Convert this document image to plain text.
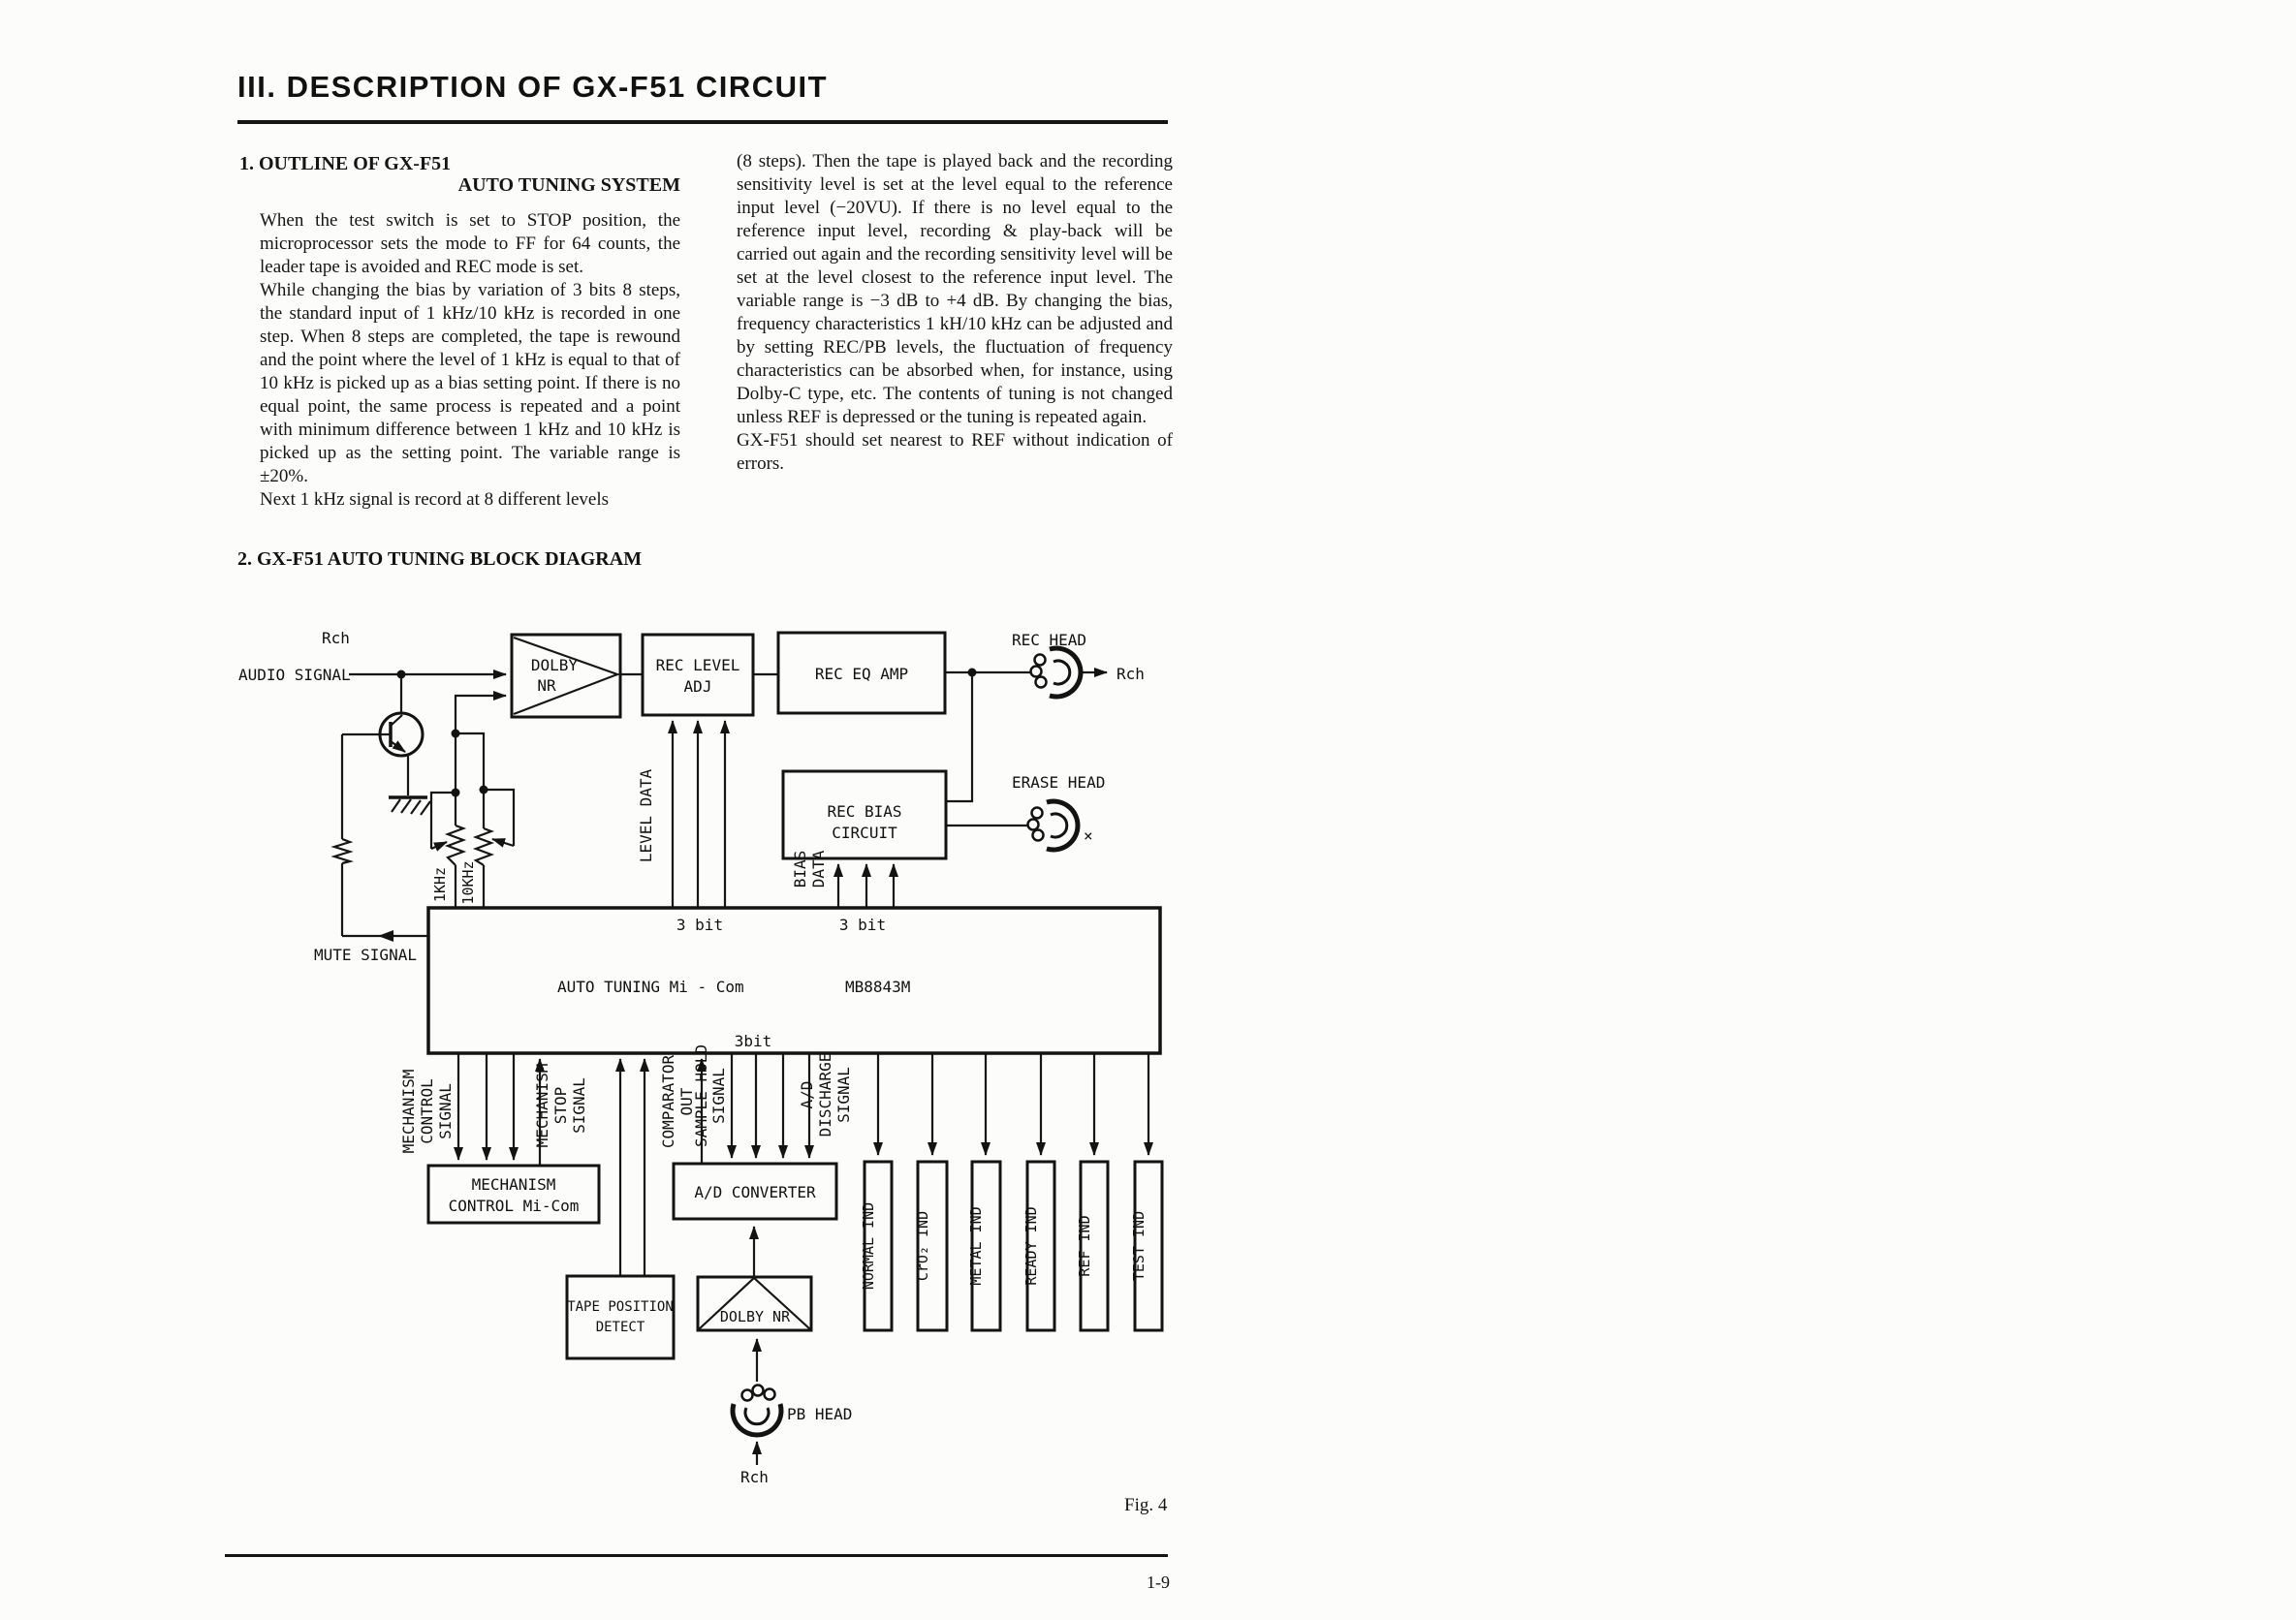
III. DESCRIPTION OF GX-F51 CIRCUIT
1. OUTLINE OF GX-F51
AUTO TUNING SYSTEM

When the test switch is set to STOP position, the microprocessor sets the mode to FF for 64 counts, the leader tape is avoided and REC mode is set.

While changing the bias by variation of 3 bits 8 steps, the standard input of 1 kHz/10 kHz is recorded in one step. When 8 steps are completed, the tape is rewound and the point where the level of 1 kHz is equal to that of 10 kHz is picked up as a bias setting point. If there is no equal point, the same process is repeated and a point with minimum difference between 1 kHz and 10 kHz is picked up as the setting point. The variable range is ±20%.

Next 1 kHz signal is record at 8 different levels

(8 steps). Then the tape is played back and the recording sensitivity level is set at the level equal to the reference input level (−20VU). If there is no level equal to the reference input level, recording & play-back will be carried out again and the recording sensitivity level will be set at the level closest to the reference input level. The variable range is −3 dB to +4 dB. By changing the bias, frequency characteristics 1 kH/10 kHz can be adjusted and by setting REC/PB levels, the fluctuation of frequency characteristics can be absorbed when, for instance, using Dolby-C type, etc. The contents of tuning is not changed unless REF is depressed or the tuning is repeated again.

GX-F51 should set nearest to REF without indication of errors.

2. GX-F51 AUTO TUNING BLOCK DIAGRAM
DOLBY
NR
REC LEVEL
ADJ
REC EQ AMP
REC BIAS
CIRCUIT
AUTO TUNING Mi - Com	MB8843M
3 bit	3 bit
3bit
MECHANISM
CONTROL Mi-Com
A/D CONVERTER
TAPE POSITION
DETECT
DOLBY NR
NORMAL IND	CrO₂ IND METAL IND	READY IND REF IND	TEST IND
Rch
AUDIO SIGNAL
MUTE SIGNAL
1KHz 10KHz
LEVEL DATA
BIAS DATA
REC HEAD
Rch
ERASE HEAD
×
MECHANISM CONTROL SIGNAL	MECHANISM STOP SIGNAL	COMPARATOR OUT
SAMPLE HOLD SIGNAL	A/D DISCHARGE SIGNAL
PB HEAD
Rch
Fig. 4
1-9
